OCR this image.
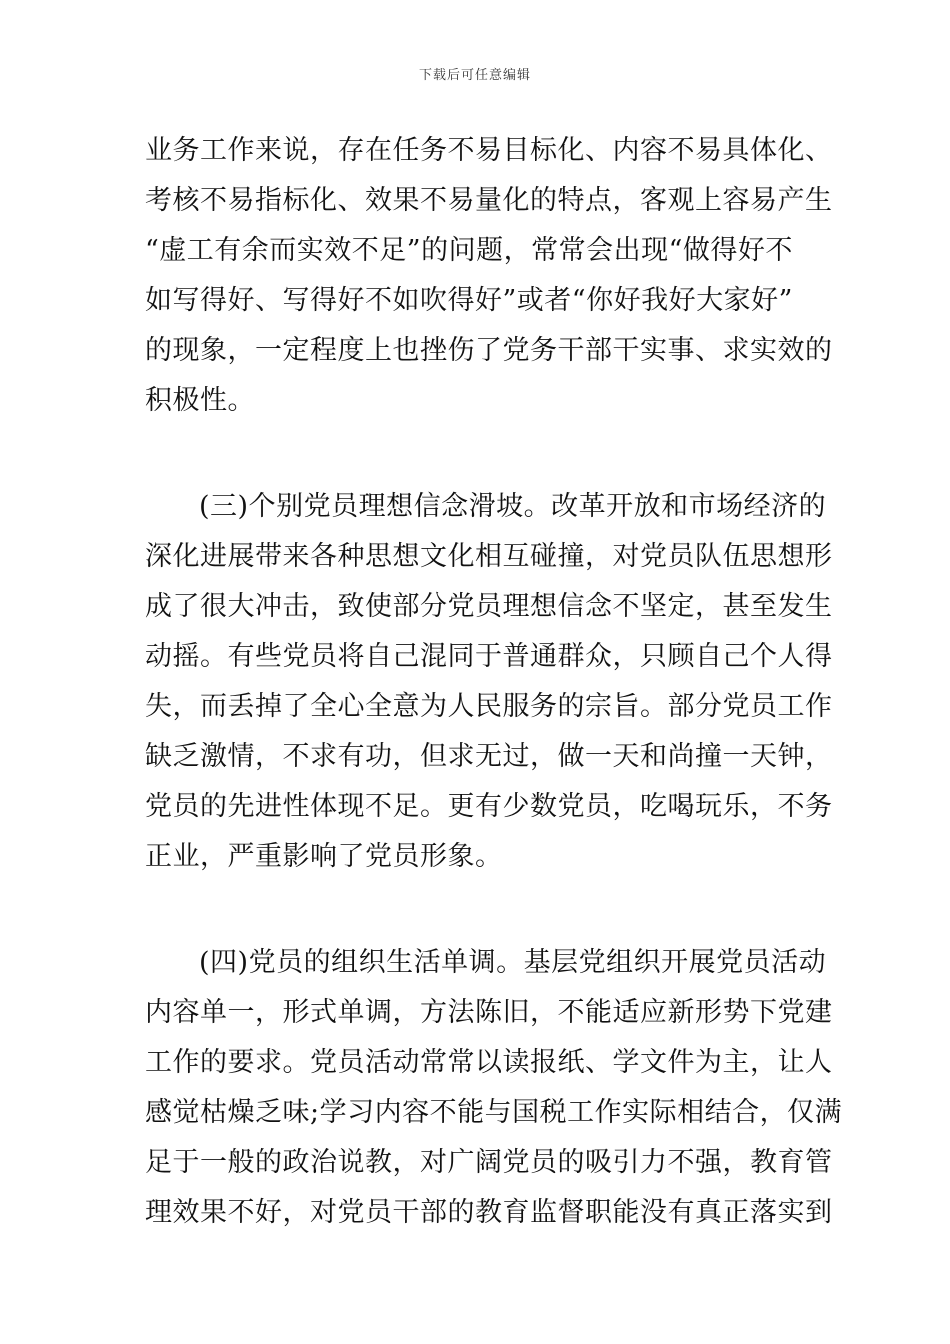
下载后可任意编辑
业务工作来说，存在任务不易目标化、内容不易具体化、
考核不易指标化、效果不易量化的特点，客观上容易产生
“虚工有余而实效不足”的问题，常常会出现“做得好不
如写得好、写得好不如吹得好”或者“你好我好大家好”
的现象，一定程度上也挫伤了党务干部干实事、求实效的
积极性。
(三)个别党员理想信念滑坡。改革开放和市场经济的
深化进展带来各种思想文化相互碰撞，对党员队伍思想形
成了很大冲击，致使部分党员理想信念不坚定，甚至发生
动摇。有些党员将自己混同于普通群众，只顾自己个人得
失，而丢掉了全心全意为人民服务的宗旨。部分党员工作
缺乏激情，不求有功，但求无过，做一天和尚撞一天钟，
党员的先进性体现不足。更有少数党员，吃喝玩乐，不务
正业，严重影响了党员形象。
(四)党员的组织生活单调。基层党组织开展党员活动
内容单一，形式单调，方法陈旧，不能适应新形势下党建
工作的要求。党员活动常常以读报纸、学文件为主，让人
感觉枯燥乏味;学习内容不能与国税工作实际相结合，仅满
足于一般的政治说教，对广阔党员的吸引力不强，教育管
理效果不好，对党员干部的教育监督职能没有真正落实到
